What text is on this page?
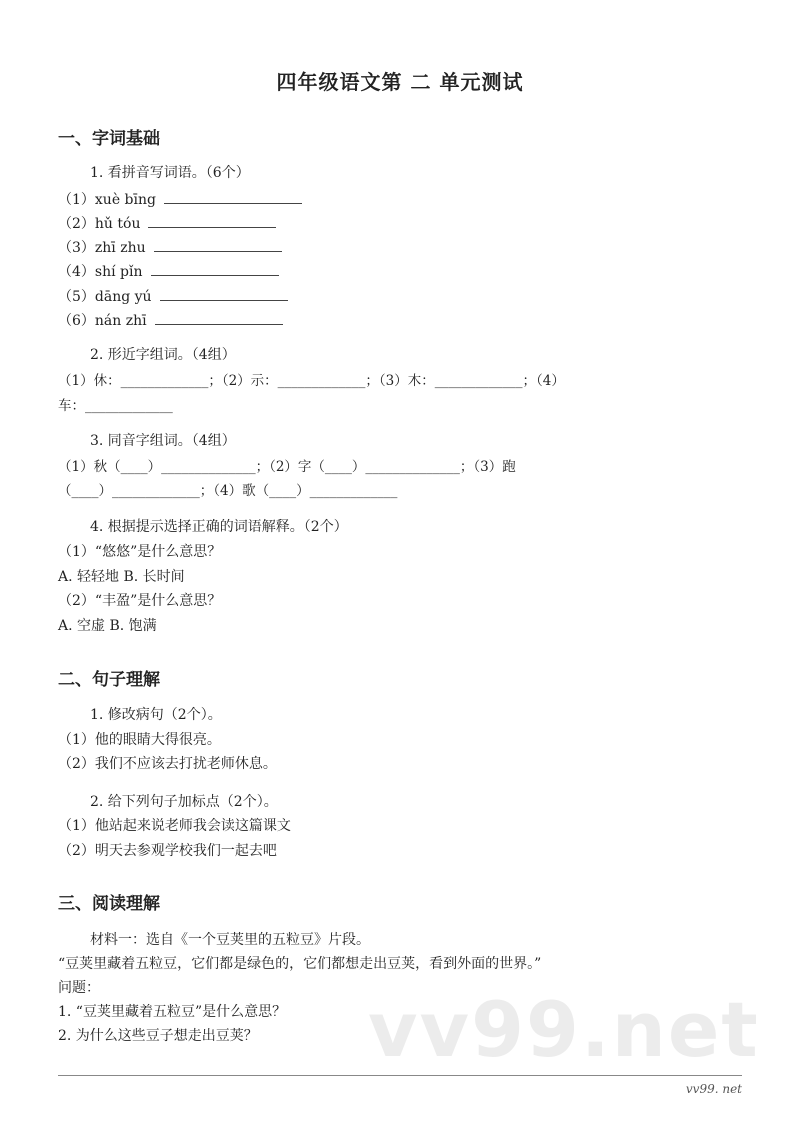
四年级语文第 二 单元测试
一、字词基础
1. 看拼音写词语。（6个）
（1）xuè bīng
（2）hǔ tóu
（3）zhī zhu
（4）shí pǐn
（5）dāng yú
（6）nán zhī
2. 形近字组词。（4组）
（1）休：_____________；（2）示：_____________；（3）木：_____________；（4）
车：_____________
3. 同音字组词。（4组）
（1）秋（____）______________；（2）字（____）______________；（3）跑
（____）_____________；（4）歌（____）_____________
4. 根据提示选择正确的词语解释。（2个）
（1）“悠悠”是什么意思？
A. 轻轻地 B. 长时间
（2）“丰盈”是什么意思？
A. 空虚 B. 饱满
二、句子理解
1. 修改病句（2个）。
（1）他的眼睛大得很亮。
（2）我们不应该去打扰老师休息。
2. 给下列句子加标点（2个）。
（1）他站起来说老师我会读这篇课文
（2）明天去参观学校我们一起去吧
vv99.net
三、阅读理解
材料一：选自《一个豆荚里的五粒豆》片段。
“豆荚里藏着五粒豆，它们都是绿色的，它们都想走出豆荚，看到外面的世界。”
问题：
1. “豆荚里藏着五粒豆”是什么意思？
2. 为什么这些豆子想走出豆荚？
vv99. net
